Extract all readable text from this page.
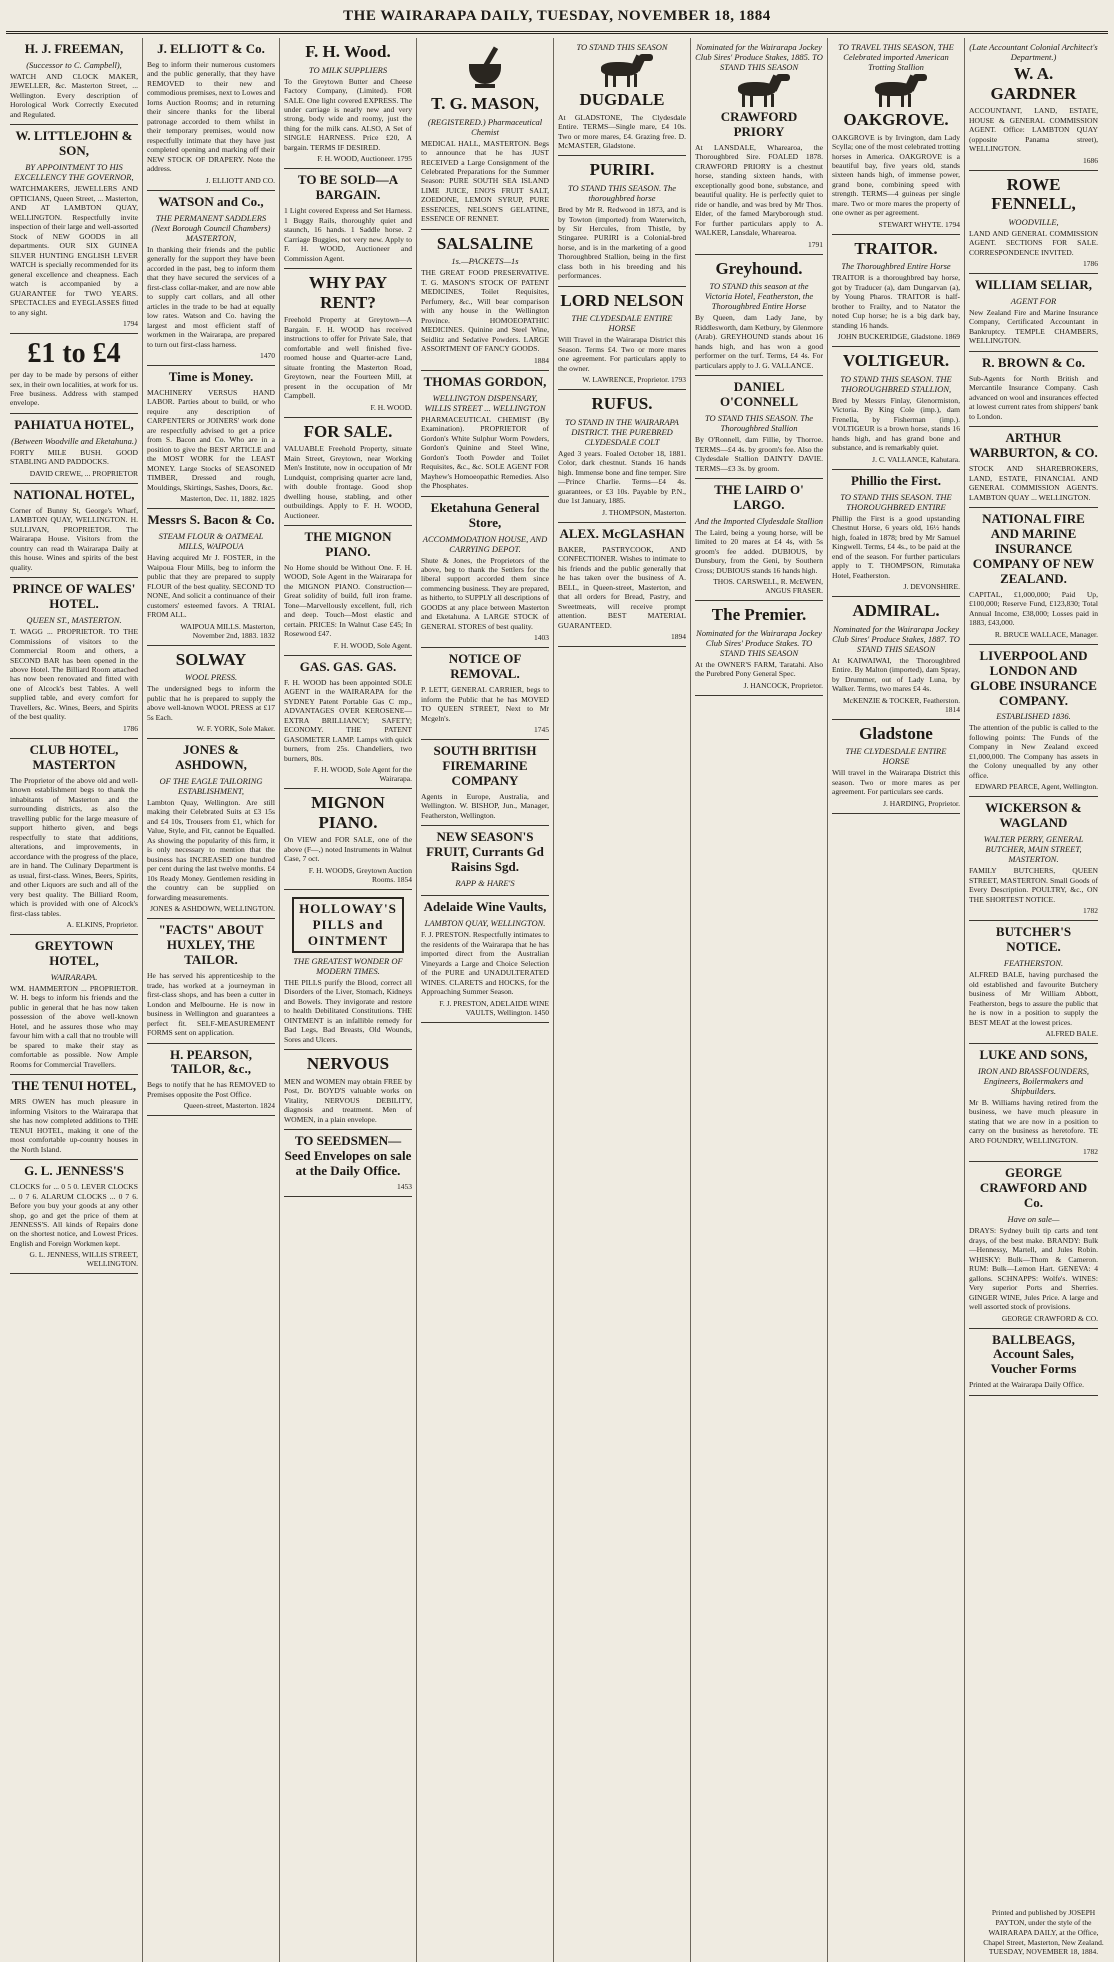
THE WAIRARAPA DAILY, TUESDAY, NOVEMBER 18, 1884
H. J. FREEMAN,
(Successor to C. Campbell),
WATCH AND CLOCK MAKER, JEWELLER, &c. Masterton Street, ... Wellington. Every description of Horological Work Correctly Executed and Regulated.
W. LITTLEJOHN & SON,
BY APPOINTMENT TO HIS EXCELLENCY THE GOVERNOR,
WATCHMAKERS, JEWELLERS AND OPTICIANS, Queen Street, ... Masterton, AND AT LAMBTON QUAY, WELLINGTON. Respectfully invite inspection of their large and well-assorted Stock of NEW GOODS in all departments. OUR SIX GUINEA SILVER HUNTING ENGLISH LEVER WATCH is specially recommended for its general excellence and cheapness. Each watch is accompanied by a GUARANTEE for TWO YEARS. SPECTACLES and EYEGLASSES fitted to any sight.
1794
£1 to £4
per day to be made by persons of either sex, in their own localities, at work for us. Free business. Address with stamped envelope.
PAHIATUA HOTEL,
(Between Woodville and Eketahuna.)
FORTY MILE BUSH. GOOD STABLING AND PADDOCKS.
DAVID CREWE, ... PROPRIETOR
NATIONAL HOTEL,
Corner of Bunny St, George's Wharf, LAMBTON QUAY, WELLINGTON. H. SULLIVAN, PROPRIETOR. The Wairarapa House. Visitors from the country can read th Wairarapa Daily at this house. Wines and spirits of the best quality.
PRINCE OF WALES' HOTEL.
QUEEN ST., MASTERTON.
T. WAGG ... PROPRIETOR. TO THE Commissions of visitors to the Commercial Room and others, a SECOND BAR has been opened in the above Hotel. The Billiard Room attached has now been renovated and fitted with one of Alcock's best Tables. A well supplied table, and every comfort for Travellers, &c. Wines, Beers, and Spirits of the best quality.
1786
CLUB HOTEL, MASTERTON
The Proprietor of the above old and well-known establishment begs to thank the inhabitants of Masterton and the surrounding districts, as also the travelling public for the large measure of support hitherto given, and begs respectfully to state that additions, alterations, and improvements, in accordance with the progress of the place, are in hand. The Culinary Department is as usual, first-class. Wines, Beers, Spirits, and other Liquors are such and all of the very best quality. The Billiard Room, which is provided with one of Alcock's first-class tables.
A. ELKINS, Proprietor.
GREYTOWN HOTEL,
WAIRARAPA.
WM. HAMMERTON ... PROPRIETOR. W. H. begs to inform his friends and the public in general that he has now taken possession of the above well-known Hotel, and he assures those who may favour him with a call that no trouble will be spared to make their stay as comfortable as possible. Now Ample Rooms for Commercial Travellers.
THE TENUI HOTEL,
MRS OWEN has much pleasure in informing Visitors to the Wairarapa that she has now completed additions to THE TENUI HOTEL, making it one of the most comfortable up-country houses in the North Island.
G. L. JENNESS'S
CLOCKS for ... 0 5 0. LEVER CLOCKS ... 0 7 6. ALARUM CLOCKS ... 0 7 6. Before you buy your goods at any other shop, go and get the price of them at JENNESS'S. All kinds of Repairs done on the shortest notice, and Lowest Prices. English and Foreign Workmen kept.
G. L. JENNESS, WILLIS STREET, WELLINGTON.
J. ELLIOTT & Co.
Beg to inform their numerous customers and the public generally, that they have REMOVED to their new and commodious premises, next to Lowes and Iorns Auction Rooms; and in returning their sincere thanks for the liberal patronage accorded to them whilst in their temporary premises, would now respectfully intimate that they have just completed opening and marking off their NEW STOCK OF DRAPERY. Note the address.
J. ELLIOTT AND CO.
WATSON and Co.,
THE PERMANENT SADDLERS (Next Borough Council Chambers) MASTERTON,
In thanking their friends and the public generally for the support they have been accorded in the past, beg to inform them that they have secured the services of a first-class collar-maker, and are now able to supply cart collars, and all other articles in the trade to be had at equally low rates. Watson and Co. having the largest and most efficient staff of workmen in the Wairarapa, are prepared to turn out first-class harness.
1470
Time is Money.
MACHINERY VERSUS HAND LABOR. Parties about to build, or who require any description of CARPENTERS or JOINERS' work done are respectfully advised to get a price from S. Bacon and Co. Who are in a position to give the BEST ARTICLE and the MOST WORK for the LEAST MONEY. Large Stocks of SEASONED TIMBER, Dressed and rough, Mouldings, Skirtings, Sashes, Doors, &c.
Masterton, Dec. 11, 1882. 1825
Messrs S. Bacon & Co.
STEAM FLOUR & OATMEAL MILLS, WAIPOUA
Having acquired Mr J. FOSTER, in the Waipoua Flour Mills, beg to inform the public that they are prepared to supply FLOUR of the best quality. SECOND TO NONE, And solicit a continuance of their customers' esteemed favors. A TRIAL FROM ALL.
WAIPOUA MILLS. Masterton, November 2nd, 1883. 1832
SOLWAY
WOOL PRESS.
The undersigned begs to inform the public that he is prepared to supply the above well-known WOOL PRESS at £17 5s Each.
W. F. YORK, Sole Maker.
JONES & ASHDOWN,
OF THE EAGLE TAILORING ESTABLISHMENT,
Lambton Quay, Wellington. Are still making their Celebrated Suits at £3 15s and £4 10s, Trousers from £1, which for Value, Style, and Fit, cannot be Equalled. As showing the popularity of this firm, it is only necessary to mention that the business has INCREASED one hundred per cent during the last twelve months. £4 10s Ready Money. Gentlemen residing in the country can be supplied on forwarding measurements.
JONES & ASHDOWN, WELLINGTON.
"FACTS" ABOUT HUXLEY, THE TAILOR.
He has served his apprenticeship to the trade, has worked at a journeyman in first-class shops, and has been a cutter in London and Melbourne. He is now in business in Wellington and guarantees a perfect fit. SELF-MEASUREMENT FORMS sent on application.
H. PEARSON, TAILOR, &c.,
Begs to notify that he has REMOVED to Premises opposite the Post Office.
Queen-street, Masterton. 1824
F. H. Wood.
TO MILK SUPPLIERS
To the Greytown Butter and Cheese Factory Company, (Limited). FOR SALE. One light covered EXPRESS. The under carriage is nearly new and very strong, body wide and roomy, just the thing for the milk cans. ALSO, A Set of SINGLE HARNESS. Price £20, A bargain. TERMS IF DESIRED.
F. H. WOOD, Auctioneer. 1795
TO BE SOLD—A BARGAIN.
1 Light covered Express and Set Harness. 1 Buggy Rails, thoroughly quiet and staunch, 16 hands. 1 Saddle horse. 2 Carriage Buggies, not very new. Apply to F. H. WOOD, Auctioneer and Commission Agent.
WHY PAY RENT?
Freehold Property at Greytown—A Bargain. F. H. WOOD has received instructions to offer for Private Sale, that comfortable and well finished five-roomed house and Quarter-acre Land, situate fronting the Masterton Road, Greytown, near the Fourteen Mill, at present in the occupation of Mr Campbell.
F. H. WOOD.
FOR SALE.
VALUABLE Freehold Property, situate Main Street, Greytown, near Working Men's Institute, now in occupation of Mr Lundquist, comprising quarter acre land, with double frontage. Good shop dwelling house, stabling, and other outbuildings. Apply to F. H. WOOD, Auctioneer.
THE MIGNON PIANO.
No Home should be Without One. F. H. WOOD, Sole Agent in the Wairarapa for the MIGNON PIANO. Construction—Great solidity of build, full iron frame. Tone—Marvellously excellent, full, rich and deep. Touch—Most elastic and certain. PRICES: In Walnut Case £45; In Rosewood £47.
F. H. WOOD, Sole Agent.
GAS. GAS. GAS.
F. H. WOOD has been appointed SOLE AGENT in the WAIRARAPA for the SYDNEY Patent Portable Gas C mp., ADVANTAGES OVER KEROSENE—EXTRA BRILLIANCY; SAFETY; ECONOMY. THE PATENT GASOMETER LAMP. Lamps with quick burners, from 25s. Chandeliers, two burners, 80s.
F. H. WOOD, Sole Agent for the Wairarapa.
MIGNON PIANO.
On VIEW and FOR SALE, one of the above (F—,) noted Instruments in Walnut Case, 7 oct.
F. H. WOODS, Greytown Auction Rooms. 1854
HOLLOWAY'S PILLS and OINTMENT
THE GREATEST WONDER OF MODERN TIMES.
THE PILLS purify the Blood, correct all Disorders of the Liver, Stomach, Kidneys and Bowels. They invigorate and restore to health Debilitated Constitutions. THE OINTMENT is an infallible remedy for Bad Legs, Bad Breasts, Old Wounds, Sores and Ulcers.
NERVOUS
MEN and WOMEN may obtain FREE by Post, Dr. BOYD'S valuable works on Vitality, NERVOUS DEBILITY, diagnosis and treatment. Men of WOMEN, in a plain envelope.
TO SEEDSMEN—Seed Envelopes on sale at the Daily Office.
1453
T. G. MASON,
(REGISTERED.) Pharmaceutical Chemist
MEDICAL HALL, MASTERTON. Begs to announce that he has JUST RECEIVED a Large Consignment of the Celebrated Preparations for the Summer Season: PURE SOUTH SEA ISLAND LIME JUICE, ENO'S FRUIT SALT, ZOEDONE, LEMON SYRUP, PURE ESSENCES, NELSON'S GELATINE, ESSENCE OF RENNET.
SALSALINE
1s.—PACKETS—1s
THE GREAT FOOD PRESERVATIVE. T. G. MASON'S STOCK OF PATENT MEDICINES, Toilet Requisites, Perfumery, &c., Will bear comparison with any house in the Wellington Province. HOMOEOPATHIC MEDICINES. Quinine and Steel Wine, Seidlitz and Sedative Powders. LARGE ASSORTMENT OF FANCY GOODS.
1884
THOMAS GORDON,
WELLINGTON DISPENSARY, WILLIS STREET ... WELLINGTON
PHARMACEUTICAL CHEMIST (By Examination). PROPRIETOR of Gordon's White Sulphur Worm Powders, Gordon's Quinine and Steel Wine, Gordon's Tooth Powder and Toilet Requisites, &c., &c. SOLE AGENT FOR Mayhew's Homoeopathic Remedies. Also the Phosphates.
Eketahuna General Store,
ACCOMMODATION HOUSE, AND CARRYING DEPOT.
Shute & Jones, the Proprietors of the above, beg to thank the Settlers for the liberal support accorded them since commencing business. They are prepared, as hitherto, to SUPPLY all descriptions of GOODS at any place between Masterton and Eketahuna. A LARGE STOCK of GENERAL STORES of best quality.
1403
NOTICE OF REMOVAL.
P. LETT, GENERAL CARRIER, begs to inform the Public that he has MOVED TO QUEEN STREET, Next to Mr Mcgeln's.
1745
SOUTH BRITISH FIREMARINE COMPANY
Agents in Europe, Australia, and Wellington. W. BISHOP, Jun., Manager, Featherston, Wellington.
NEW SEASON'S FRUIT, Currants Gd Raisins Sgd.
RAPP & HARE'S
Adelaide Wine Vaults,
LAMBTON QUAY, WELLINGTON.
F. J. PRESTON. Respectfully intimates to the residents of the Wairarapa that he has imported direct from the Australian Vineyards a Large and Choice Selection of the PURE and UNADULTERATED WINES. CLARETS and HOCKS, for the Approaching Summer Season.
F. J. PRESTON, ADELAIDE WINE VAULTS, Wellington. 1450
TO STAND THIS SEASON
DUGDALE
At GLADSTONE, The Clydesdale Entire. TERMS—Single mare, £4 10s. Two or more mares, £4. Grazing free. D. McMASTER, Gladstone.
PURIRI.
TO STAND THIS SEASON. The thoroughbred horse
Bred by Mr R. Redwood in 1873, and is by Towton (imported) from Waterwitch, by Sir Hercules, from Thistle, by Stingaree. PURIRI is a Colonial-bred horse, and is in the marketing of a good Thoroughbred Stallion, being in the first class both in his breeding and his performances.
LORD NELSON
THE CLYDESDALE ENTIRE HORSE
Will Travel in the Wairarapa District this Season. Terms £4. Two or more mares one agreement. For particulars apply to the owner.
W. LAWRENCE, Proprietor. 1793
RUFUS.
TO STAND IN THE WAIRARAPA DISTRICT. THE PUREBRED CLYDESDALE COLT
Aged 3 years. Foaled October 18, 1881. Color, dark chestnut. Stands 16 hands high. Immense bone and fine temper. Sire—Prince Charlie. Terms—£4 4s. guarantees, or £3 10s. Payable by P.N., due 1st January, 1885.
J. THOMPSON, Masterton.
ALEX. McGLASHAN
BAKER, PASTRYCOOK, AND CONFECTIONER. Wishes to intimate to his friends and the public generally that he has taken over the business of A. BELL, in Queen-street, Masterton, and that all orders for Bread, Pastry, and Sweetmeats, will receive prompt attention. BEST MATERIAL GUARANTEED.
1894
Nominated for the Wairarapa Jockey Club Sires' Produce Stakes, 1885. TO STAND THIS SEASON
CRAWFORD PRIORY
At LANSDALE, Wharearoa, the Thoroughbred Sire. FOALED 1878. CRAWFORD PRIORY is a chestnut horse, standing sixteen hands, with exceptionally good bone, substance, and beautiful quality. He is perfectly quiet to ride or handle, and was bred by Mr Thos. Elder, of the famed Maryborough stud. For further particulars apply to A. WALKER, Lansdale, Wharearoa.
1791
Greyhound.
TO STAND this season at the Victoria Hotel, Featherston, the Thoroughbred Entire Horse
By Queen, dam Lady Jane, by Riddlesworth, dam Ketbury, by Glenmore (Arab). GREYHOUND stands about 16 hands high, and has won a good performer on the turf. Terms, £4 4s. For particulars apply to J. G. VALLANCE.
DANIEL O'CONNELL
TO STAND THIS SEASON. The Thoroughbred Stallion
By O'Ronnell, dam Fillie, by Thorroe. TERMS—£4 4s. by groom's fee. Also the Clydesdale Stallion DAINTY DAVIE. TERMS—£3 3s. by groom.
THE LAIRD O' LARGO.
And the Imported Clydesdale Stallion
The Laird, being a young horse, will be limited to 20 mares at £4 4s, with 5s groom's fee added. DUBIOUS, by Dunsbury, from the Geni, by Southern Cross; DUBIOUS stands 16 hands high.
THOS. CARSWELL, R. McEWEN, ANGUS FRASER.
The Premier.
Nominated for the Wairarapa Jockey Club Sires' Produce Stakes. TO STAND THIS SEASON
At the OWNER'S FARM, Taratahi. Also the Purebred Pony General Spec.
J. HANCOCK, Proprietor.
TO TRAVEL THIS SEASON, THE Celebrated imported American Trotting Stallion
OAKGROVE.
OAKGROVE is by Irvington, dam Lady Scylla; one of the most celebrated trotting horses in America. OAKGROVE is a beautiful bay, five years old, stands sixteen hands high, of immense power, grand bone, combining speed with strength. TERMS—4 guineas per single mare. Two or more mares the property of one owner as per agreement.
STEWART WHYTE. 1794
TRAITOR.
The Thoroughbred Entire Horse
TRAITOR is a thoroughbred bay horse, got by Traducer (a), dam Dungarvan (a), by Young Pharos. TRAITOR is half-brother to Frailty, and to Natator the noted Cup horse; he is a big dark bay, standing 16 hands.
JOHN BUCKERIDGE, Gladstone. 1869
VOLTIGEUR.
TO STAND THIS SEASON. THE THOROUGHBRED STALLION,
Bred by Messrs Finlay, Glenormiston, Victoria. By King Cole (imp.), dam Frenella, by Fisherman (imp.). VOLTIGEUR is a brown horse, stands 16 hands high, and has grand bone and substance, and is remarkably quiet.
J. C. VALLANCE, Kahutara.
Phillio the First.
TO STAND THIS SEASON. THE THOROUGHBRED ENTIRE
Phillip the First is a good upstanding Chestnut Horse, 6 years old, 16½ hands high, foaled in 1878; bred by Mr Samuel Kingwell. Terms, £4 4s., to be paid at the end of the season. For further particulars apply to T. THOMPSON, Rimutaka Hotel, Featherston.
J. DEVONSHIRE.
ADMIRAL.
Nominated for the Wairarapa Jockey Club Sires' Produce Stakes, 1887. TO STAND THIS SEASON
At KAIWAIWAI, the Thoroughbred Entire. By Malton (imported), dam Spray, by Drummer, out of Lady Luna, by Walker. Terms, two mares £4 4s.
McKENZIE & TOCKER, Featherston. 1814
Gladstone
THE CLYDESDALE ENTIRE HORSE
Will travel in the Wairarapa District this season. Two or more mares as per agreement. For particulars see cards.
J. HARDING, Proprietor.
(Late Accountant Colonial Architect's Department.)
W. A. GARDNER
ACCOUNTANT, LAND, ESTATE, HOUSE & GENERAL COMMISSION AGENT. Office: LAMBTON QUAY (opposite Panama street), WELLINGTON.
1686
ROWE FENNELL,
WOODVILLE,
LAND AND GENERAL COMMISSION AGENT. SECTIONS FOR SALE. CORRESPONDENCE INVITED.
1786
WILLIAM SELIAR,
AGENT FOR
New Zealand Fire and Marine Insurance Company, Certificated Accountant in Bankruptcy. TEMPLE CHAMBERS, WELLINGTON.
R. BROWN & Co.
Sub-Agents for North British and Mercantile Insurance Company. Cash advanced on wool and insurances effected at lowest current rates from shippers' bank to London.
ARTHUR WARBURTON, & CO.
STOCK AND SHAREBROKERS, LAND, ESTATE, FINANCIAL AND GENERAL COMMISSION AGENTS. LAMBTON QUAY ... WELLINGTON.
NATIONAL FIRE AND MARINE INSURANCE COMPANY OF NEW ZEALAND.
CAPITAL, £1,000,000; Paid Up, £100,000; Reserve Fund, £123,830; Total Annual Income, £38,000; Losses paid in 1883, £43,000.
R. BRUCE WALLACE, Manager.
LIVERPOOL AND LONDON AND GLOBE INSURANCE COMPANY.
ESTABLISHED 1836.
The attention of the public is called to the following points: The Funds of the Company in New Zealand exceed £1,000,000. The Company has assets in the Colony unequalled by any other office.
EDWARD PEARCE, Agent, Wellington.
WICKERSON & WAGLAND
WALTER PERRY, GENERAL BUTCHER, MAIN STREET, MASTERTON.
FAMILY BUTCHERS, QUEEN STREET, MASTERTON. Small Goods of Every Description. POULTRY, &c., ON THE SHORTEST NOTICE.
1782
BUTCHER'S NOTICE.
FEATHERSTON.
ALFRED BALE, having purchased the old established and favourite Butchery business of Mr William Abbott, Featherston, begs to assure the public that he is now in a position to supply the BEST MEAT at the lowest prices.
ALFRED BALE.
LUKE AND SONS,
IRON AND BRASSFOUNDERS, Engineers, Boilermakers and Shipbuilders.
Mr B. Williams having retired from the business, we have much pleasure in stating that we are now in a position to carry on the business as heretofore. TE ARO FOUNDRY, WELLINGTON.
1782
GEORGE CRAWFORD AND Co.
Have on sale—
DRAYS: Sydney built tip carts and tent drays, of the best make. BRANDY: Bulk—Hennessy, Martell, and Jules Robin. WHISKY: Bulk—Thom & Cameron. RUM: Bulk—Lemon Hart. GENEVA: 4 gallons. SCHNAPPS: Wolfe's. WINES: Very superior Ports and Sherries. GINGER WINE, Jules Price. A large and well assorted stock of provisions.
GEORGE CRAWFORD & CO.
BALLBEAGS, Account Sales, Voucher Forms
Printed at the Wairarapa Daily Office.
Printed and published by JOSEPH PAYTON, under the style of the WAIRARAPA DAILY, at the Office, Chapel Street, Masterton, New Zealand. TUESDAY, NOVEMBER 18, 1884.
